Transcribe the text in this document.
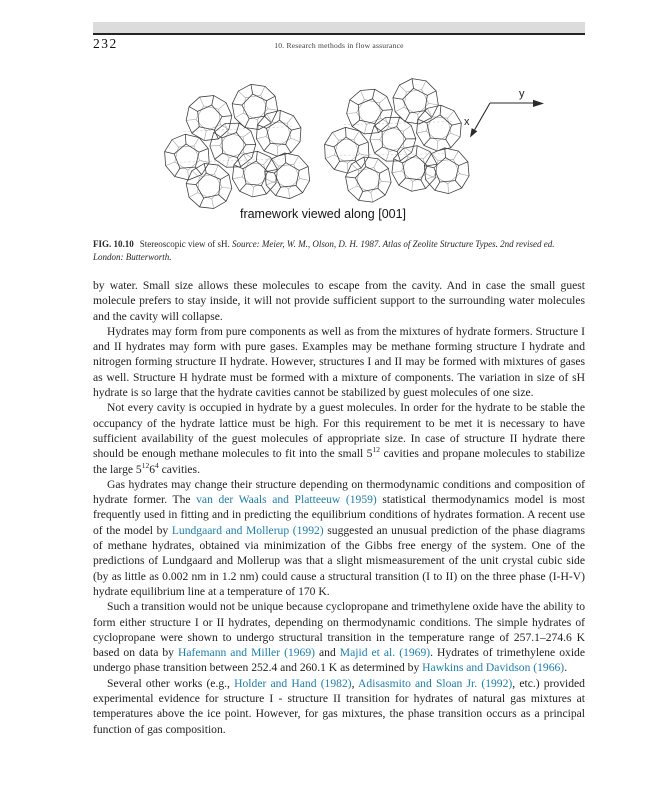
232	10. Research methods in flow assurance
y
x
framework viewed along [001]
FIG. 10.10 Stereoscopic view of sH. Source: Meier, W. M., Olson, D. H. 1987. Atlas of Zeolite Structure Types. 2nd revised ed. London: Butterworth.

by water. Small size allows these molecules to escape from the cavity. And in case the small guest molecule prefers to stay inside, it will not provide sufficient support to the surrounding water molecules and the cavity will collapse.

Hydrates may form from pure components as well as from the mixtures of hydrate formers. Structure I and II hydrates may form with pure gases. Examples may be methane forming structure I hydrate and nitrogen forming structure II hydrate. However, structures I and II may be formed with mixtures of gases as well. Structure H hydrate must be formed with a mixture of components. The variation in size of sH hydrate is so large that the hydrate cavities cannot be stabilized by guest molecules of one size.

Not every cavity is occupied in hydrate by a guest molecules. In order for the hydrate to be stable the occupancy of the hydrate lattice must be high. For this requirement to be met it is necessary to have sufficient availability of the guest molecules of appropriate size. In case of structure II hydrate there should be enough methane molecules to fit into the small $5^{12}$ cavities and propane molecules to stabilize the large $5^{12}6^4$ cavities.

Gas hydrates may change their structure depending on thermodynamic conditions and composition of hydrate former. The van der Waals and Platteeuw (1959) statistical thermodynamics model is most frequently used in fitting and in predicting the equilibrium conditions of hydrates formation. A recent use of the model by Lundgaard and Mollerup (1992) suggested an unusual prediction of the phase diagrams of methane hydrates, obtained via minimization of the Gibbs free energy of the system. One of the predictions of Lundgaard and Mollerup was that a slight mismeasurement of the unit crystal cubic side (by as little as 0.002 nm in 1.2 nm) could cause a structural transition (I to II) on the three phase (I-H-V) hydrate equilibrium line at a temperature of 170 K.

Such a transition would not be unique because cyclopropane and trimethylene oxide have the ability to form either structure I or II hydrates, depending on thermodynamic conditions. The simple hydrates of cyclopropane were shown to undergo structural transition in the temperature range of 257.1–274.6 K based on data by Hafemann and Miller (1969) and Majid et al. (1969). Hydrates of trimethylene oxide undergo phase transition between 252.4 and 260.1 K as determined by Hawkins and Davidson (1966).

Several other works (e.g., Holder and Hand (1982), Adisasmito and Sloan Jr. (1992), etc.) provided experimental evidence for structure I - structure II transition for hydrates of natural gas mixtures at temperatures above the ice point. However, for gas mixtures, the phase transition occurs as a principal function of gas composition.
